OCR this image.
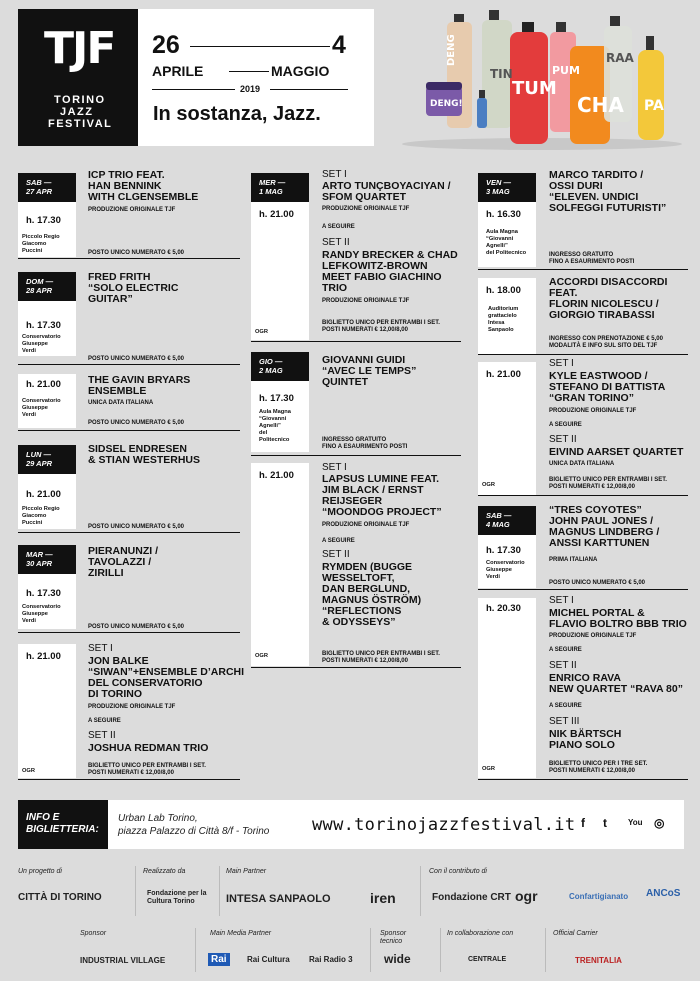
TJF
TORINO
JAZZ
FESTIVAL
26	4
APRILE	MAGGIO
2019
In sostanza, Jazz.
DENG
TIN
TUM
PUM
CHA
RAA
PA
DENG!
SAB —
27 APR
h. 17.30
Piccolo Regio
Giacomo
Puccini
ICP TRIO FEAT.
HAN BENNINK
WITH CLGENSEMBLE
PRODUZIONE ORIGINALE TJF
POSTO UNICO NUMERATO € 5,00
DOM —
28 APR
h. 17.30
Conservatorio
Giuseppe
Verdi
FRED FRITH
“SOLO ELECTRIC
GUITAR”
POSTO UNICO NUMERATO € 5,00
h. 21.00
Conservatorio
Giuseppe
Verdi
THE GAVIN BRYARS
ENSEMBLE
UNICA DATA ITALIANA
POSTO UNICO NUMERATO € 5,00
LUN —
29 APR
h. 21.00
Piccolo Regio
Giacomo
Puccini
SIDSEL ENDRESEN
& STIAN WESTERHUS
POSTO UNICO NUMERATO € 5,00
MAR —
30 APR
h. 17.30
Conservatorio
Giuseppe
Verdi
PIERANUNZI /
TAVOLAZZI /
ZIRILLI
POSTO UNICO NUMERATO € 5,00
h. 21.00
OGR
SET I
JON BALKE
“SIWAN”+ENSEMBLE D’ARCHI
DEL CONSERVATORIO
DI TORINO
PRODUZIONE ORIGINALE TJF
A SEGUIRE
SET II
JOSHUA REDMAN TRIO
BIGLIETTO UNICO PER ENTRAMBI I SET.
POSTI NUMERATI € 12,00/8,00
MER —
1 MAG
h. 21.00
OGR
SET I
ARTO TUNÇBOYACIYAN /
SFOM QUARTET
PRODUZIONE ORIGINALE TJF
A SEGUIRE
SET II
RANDY BRECKER & CHAD
LEFKOWITZ-BROWN
MEET FABIO GIACHINO
TRIO
PRODUZIONE ORIGINALE TJF
BIGLIETTO UNICO PER ENTRAMBI I SET.
POSTI NUMERATI € 12,00/8,00
GIO —
2 MAG
h. 17.30
Aula Magna
“Giovanni
Agnelli”
del
Politecnico
GIOVANNI GUIDI
“AVEC LE TEMPS”
QUINTET
INGRESSO GRATUITO
FINO A ESAURIMENTO POSTI
h. 21.00
OGR
SET I
LAPSUS LUMINE FEAT.
JIM BLACK / ERNST
REIJSEGER
“MOONDOG PROJECT”
PRODUZIONE ORIGINALE TJF
A SEGUIRE
SET II
RYMDEN (BUGGE
WESSELTOFT,
DAN BERGLUND,
MAGNUS ÖSTRÖM)
“REFLECTIONS
& ODYSSEYS”
BIGLIETTO UNICO PER ENTRAMBI I SET.
POSTI NUMERATI € 12,00/8,00
VEN —
3 MAG
h. 16.30
Aula Magna
“Giovanni
Agnelli”
del Politecnico
MARCO TARDITO /
OSSI DURI
“ELEVEN. UNDICI
SOLFEGGI FUTURISTI”
INGRESSO GRATUITO
FINO A ESAURIMENTO POSTI
h. 18.00
Auditorium
grattacielo
Intesa
Sanpaolo
ACCORDI DISACCORDI
FEAT.
FLORIN NICOLESCU /
GIORGIO TIRABASSI
INGRESSO CON PRENOTAZIONE € 5,00
MODALITÀ E INFO SUL SITO DEL TJF
h. 21.00
OGR
SET I
KYLE EASTWOOD /
STEFANO DI BATTISTA
“GRAN TORINO”
PRODUZIONE ORIGINALE TJF
A SEGUIRE
SET II
EIVIND AARSET QUARTET
UNICA DATA ITALIANA
BIGLIETTO UNICO PER ENTRAMBI I SET.
POSTI NUMERATI € 12,00/8,00
SAB —
4 MAG
h. 17.30
Conservatorio
Giuseppe
Verdi
“TRES COYOTES”
JOHN PAUL JONES /
MAGNUS LINDBERG /
ANSSI KARTTUNEN
PRIMA ITALIANA
POSTO UNICO NUMERATO € 5,00
h. 20.30
OGR
SET I
MICHEL PORTAL &
FLAVIO BOLTRO BBB TRIO
PRODUZIONE ORIGINALE TJF
A SEGUIRE
SET II
ENRICO RAVA
NEW QUARTET “RAVA 80”
A SEGUIRE
SET III
NIK BÄRTSCH
PIANO SOLO
BIGLIETTO UNICO PER I TRE SET.
POSTI NUMERATI € 12,00/8,00
INFO E
BIGLIETTERIA:
Urban Lab Torino,
piazza Palazzo di Città 8/f - Torino	www.torinojazzfestival.it f t	You ◎
Un progetto di	Realizzato da	Main Partner	Con il contributo di
CITTÀ DI TORINO	Fondazione per la Cultura Torino	INTESA SANPAOLO	iren	Fondazione CRT ogr	Confartigianato ANCoS
Sponsor	Main Media Partner	Sponsor tecnico
In collaborazione con	Official Carrier
INDUSTRIAL VILLAGE	Rai	Rai Cultura Rai Radio 3	wide	CENTRALE	TRENITALIA
